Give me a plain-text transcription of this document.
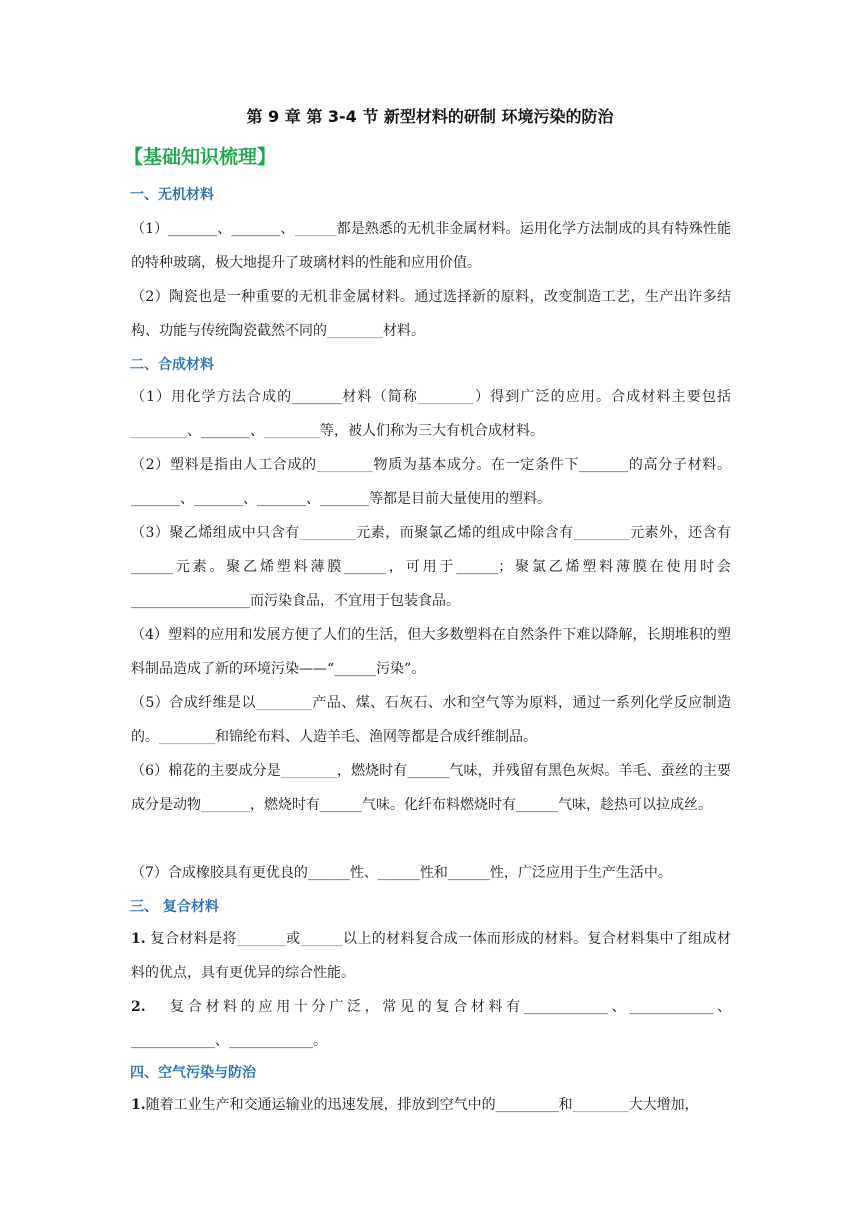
第 9 章 第 3-4 节 新型材料的研制 环境污染的防治
【基础知识梳理】
一、无机材料

（1）_______、_______、______都是熟悉的无机非金属材料。运用化学方法制成的具有特殊性能的特种玻璃，极大地提升了玻璃材料的性能和应用价值。

（2）陶瓷也是一种重要的无机非金属材料。通过选择新的原料，改变制造工艺，生产出许多结构、功能与传统陶瓷截然不同的________材料。

二、合成材料

（1）用化学方法合成的_______材料（简称________）得到广泛的应用。合成材料主要包括________、_______、________等，被人们称为三大有机合成材料。

（2）塑料是指由人工合成的________物质为基本成分。在一定条件下_______的高分子材料。_______、_______、_______、_______等都是目前大量使用的塑料。

（3）聚乙烯组成中只含有________元素，而聚氯乙烯的组成中除含有________元素外，还含有______元素。聚乙烯塑料薄膜______，可用于______；聚氯乙烯塑料薄膜在使用时会_________________而污染食品，不宜用于包装食品。

（4）塑料的应用和发展方便了人们的生活，但大多数塑料在自然条件下难以降解，长期堆积的塑料制品造成了新的环境污染——“______污染”。

（5）合成纤维是以________产品、煤、石灰石、水和空气等为原料，通过一系列化学反应制造的。________和锦纶布料、人造羊毛、渔网等都是合成纤维制品。

（6）棉花的主要成分是________，燃烧时有______气味，并残留有黑色灰烬。羊毛、蚕丝的主要成分是动物_______，燃烧时有______气味。化纤布料燃烧时有______气味，趁热可以拉成丝。

（7）合成橡胶具有更优良的______性、______性和______性，广泛应用于生产生活中。

三、 复合材料

1. 复合材料是将_______或______以上的材料复合成一体而形成的材料。复合材料集中了组成材料的优点，具有更优异的综合性能。

2.   复合材料的应用十分广泛，常见的复合材料有____________、____________、____________、____________。

四、空气污染与防治

1.随着工业生产和交通运输业的迅速发展，排放到空气中的_________和________大大增加，
